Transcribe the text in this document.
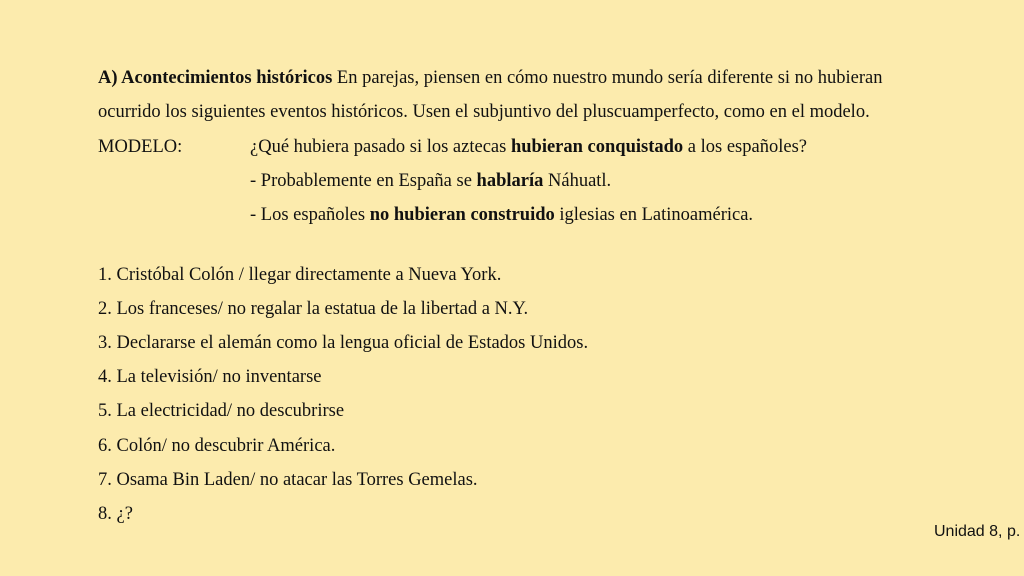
A) Acontecimientos históricos En parejas, piensen en cómo nuestro mundo sería diferente si no hubieran
ocurrido los siguientes eventos históricos. Usen el subjuntivo del pluscuamperfecto, como en el modelo.
MODELO:	¿Qué hubiera pasado si los aztecas hubieran conquistado a los españoles?
- Probablemente en España se hablaría Náhuatl.
- Los españoles no hubieran construido iglesias en Latinoamérica.
1. Cristóbal Colón / llegar directamente a Nueva York.
2. Los franceses/ no regalar la estatua de la libertad a N.Y.
3. Declararse el alemán como la lengua oficial de Estados Unidos.
4. La televisión/ no inventarse
5. La electricidad/ no descubrirse
6. Colón/ no descubrir América.
7. Osama Bin Laden/ no atacar las Torres Gemelas.
8. ¿?
Unidad 8, p.
